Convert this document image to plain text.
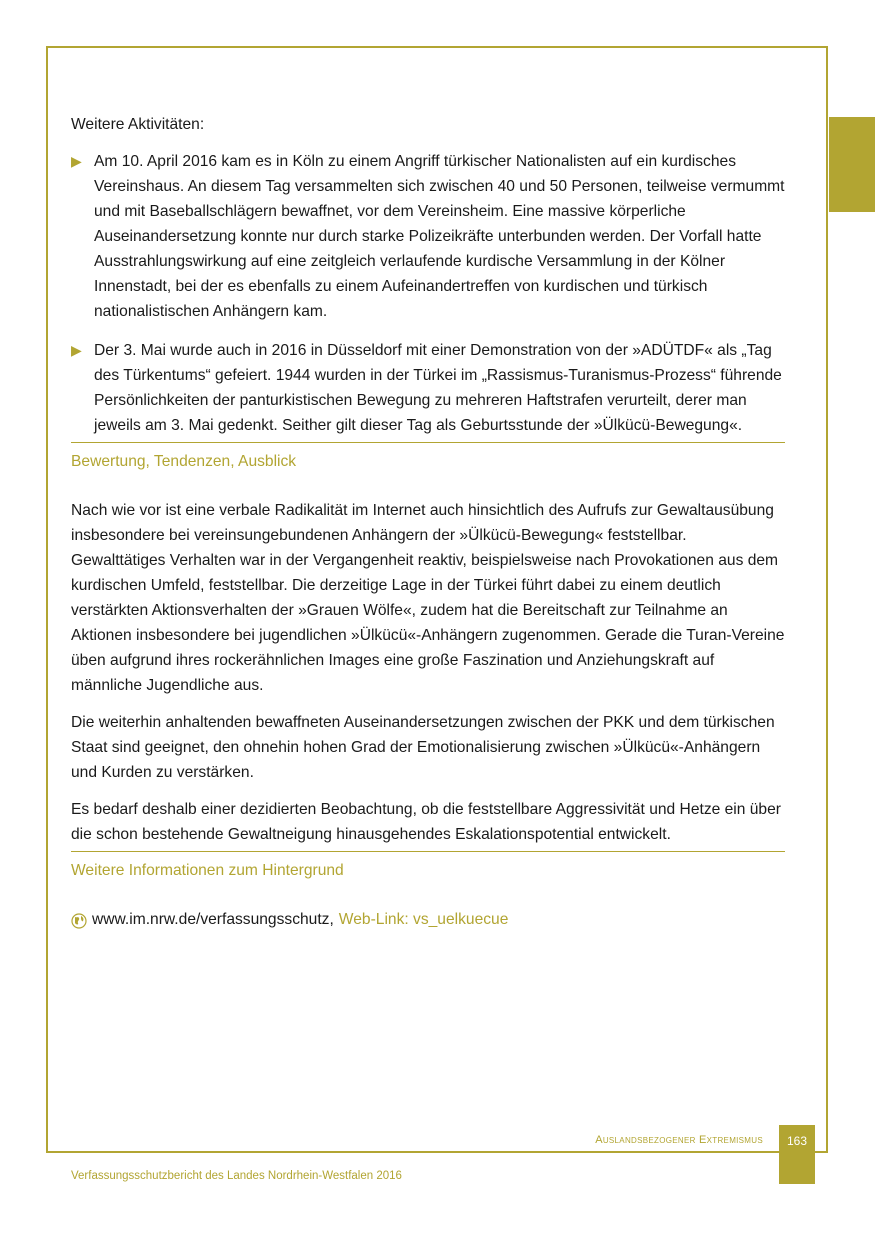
Weitere Aktivitäten:

▶ Am 10. April 2016 kam es in Köln zu einem Angriff türkischer Nationalisten auf ein kurdisches Vereinshaus. An diesem Tag versammelten sich zwischen 40 und 50 Personen, teilweise vermummt und mit Baseballschlägern bewaffnet, vor dem Vereinsheim. Eine massive körperliche Auseinandersetzung konnte nur durch starke Polizeikräfte unterbunden werden. Der Vorfall hatte Ausstrahlungswirkung auf eine zeitgleich verlaufende kurdische Versammlung in der Kölner Innenstadt, bei der es ebenfalls zu einem Aufeinandertreffen von kurdischen und türkisch nationalistischen Anhängern kam.
▶ Der 3. Mai wurde auch in 2016 in Düsseldorf mit einer Demonstration von der »ADÜTDF« als „Tag des Türkentums“ gefeiert. 1944 wurden in der Türkei im „Rassismus-Turanismus-Prozess“ führende Persönlichkeiten der panturkistischen Bewegung zu mehreren Haftstrafen verurteilt, derer man jeweils am 3. Mai gedenkt. Seither gilt dieser Tag als Geburtsstunde der »Ülkücü-Bewegung«.
Bewertung, Tendenzen, Ausblick

Nach wie vor ist eine verbale Radikalität im Internet auch hinsichtlich des Aufrufs zur Gewaltausübung insbesondere bei vereinsungebundenen Anhängern der »Ülkücü-Bewegung« feststellbar. Gewalttätiges Verhalten war in der Vergangenheit reaktiv, beispielsweise nach Provokationen aus dem kurdischen Umfeld, feststellbar. Die derzeitige Lage in der Türkei führt dabei zu einem deutlich verstärkten Aktionsverhalten der »Grauen Wölfe«, zudem hat die Bereitschaft zur Teilnahme an Aktionen insbesondere bei jugendlichen »Ülkücü«-Anhängern zugenommen. Gerade die Turan-Vereine üben aufgrund ihres rockerähnlichen Images eine große Faszination und Anziehungskraft auf männliche Jugendliche aus.

Die weiterhin anhaltenden bewaffneten Auseinandersetzungen zwischen der PKK und dem türkischen Staat sind geeignet, den ohnehin hohen Grad der Emotionalisierung zwischen »Ülkücü«-Anhängern und Kurden zu verstärken.

Es bedarf deshalb einer dezidierten Beobachtung, ob die feststellbare Aggressivität und Hetze ein über die schon bestehende Gewaltneigung hinausgehendes Eskalationspotential entwickelt.

Weitere Informationen zum Hintergrund
www.im.nrw.de/verfassungsschutz, Web-Link: vs_uelkuecue
Auslandsbezogener Extremismus	163
Verfassungsschutzbericht des Landes Nordrhein-Westfalen 2016
